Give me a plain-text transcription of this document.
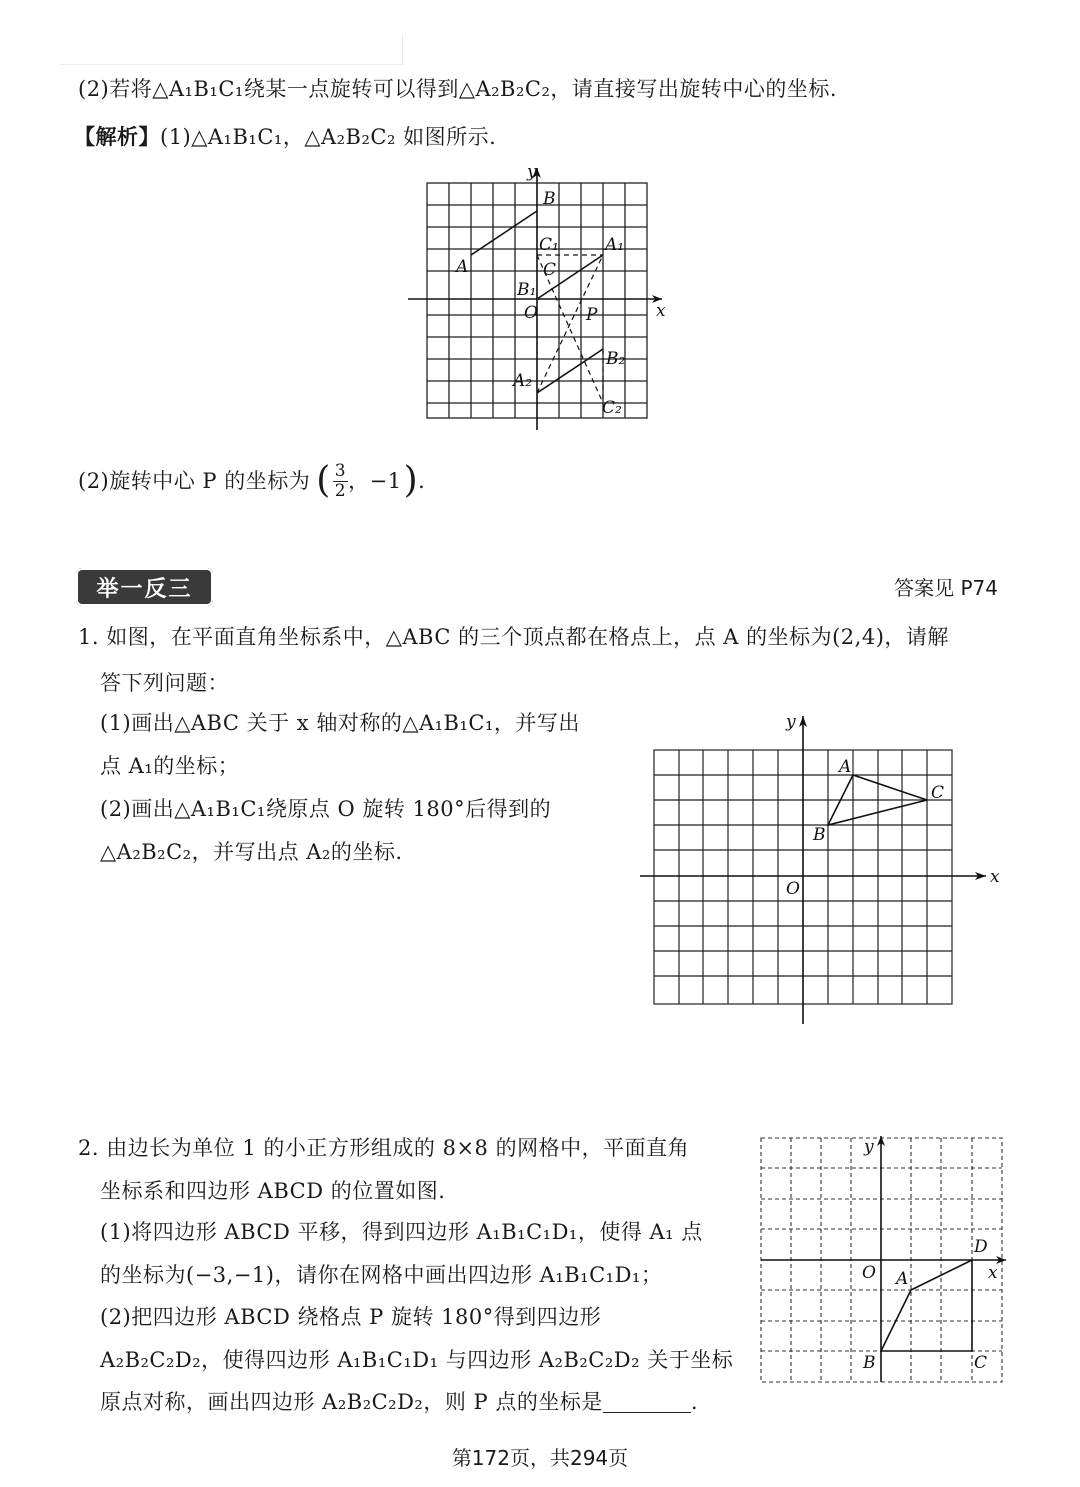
(2)若将△A₁B₁C₁绕某一点旋转可以得到△A₂B₂C₂，请直接写出旋转中心的坐标.
【解析】(1)△A₁B₁C₁，△A₂B₂C₂ 如图所示.
y
x
O
A
B
C
B₁
C₁	A₁
P
A₂
B₂
C₂
(2)旋转中心 P 的坐标为 ( $\frac{3}{2}$ ，−1 ) .
举一反三	答案见 P74
1. 如图，在平面直角坐标系中，△ABC 的三个顶点都在格点上，点 A 的坐标为(2,4)，请解
答下列问题：
(1)画出△ABC 关于 x 轴对称的△A₁B₁C₁，并写出
点 A₁的坐标；
(2)画出△A₁B₁C₁绕原点 O 旋转 180°后得到的
△A₂B₂C₂，并写出点 A₂的坐标.
y
x
O
A
B
C
2. 由边长为单位 1 的小正方形组成的 8×8 的网格中，平面直角
坐标系和四边形 ABCD 的位置如图.
(1)将四边形 ABCD 平移，得到四边形 A₁B₁C₁D₁，使得 A₁ 点
的坐标为(−3,−1)，请你在网格中画出四边形 A₁B₁C₁D₁；
(2)把四边形 ABCD 绕格点 P 旋转 180°得到四边形
A₂B₂C₂D₂，使得四边形 A₁B₁C₁D₁ 与四边形 A₂B₂C₂D₂ 关于坐标
原点对称，画出四边形 A₂B₂C₂D₂，则 P 点的坐标是	.
y
x
O A
B	C
D
第172页，共294页
